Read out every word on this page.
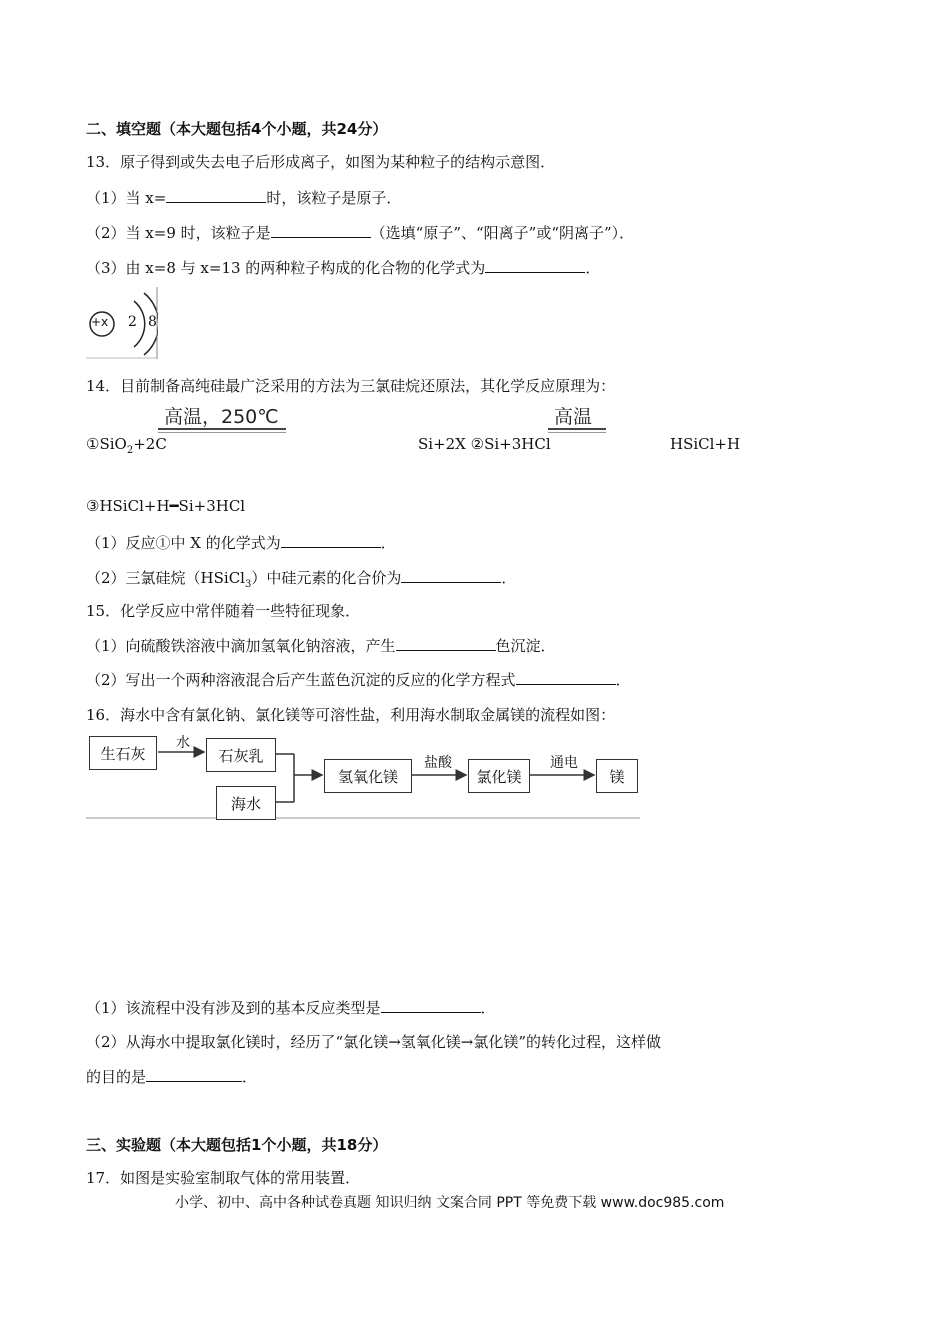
二、填空题（本大题包括4个小题，共24分）
13．原子得到或失去电子后形成离子，如图为某种粒子的结构示意图．
（1）当 x=	时，该粒子是原子．
（2）当 x=9 时，该粒子是	（选填“原子”、“阳离子”或“阴离子”）．
（3）由 x=8 与 x=13 的两种粒子构成的化合物的化学式为	．
+x 2 8
14．目前制备高纯硅最广泛采用的方法为三氯硅烷还原法，其化学反应原理为：
高温，250℃	高温
①SiO$_2$+2C	Si+2X ②Si+3HCl	HSiCl+H
③HSiCl+H━Si+3HCl
（1）反应①中 X 的化学式为	．
（2）三氯硅烷（HSiCl$_3$）中硅元素的化合价为	．
15．化学反应中常伴随着一些特征现象．
（1）向硫酸铁溶液中滴加氢氧化钠溶液，产生	色沉淀．
（2）写出一个两种溶液混合后产生蓝色沉淀的反应的化学方程式	．
16．海水中含有氯化钠、氯化镁等可溶性盐，利用海水制取金属镁的流程如图：
生石灰
水
石灰乳
海水
氢氧化镁
盐酸
氯化镁
通电
镁
（1）该流程中没有涉及到的基本反应类型是	．
（2）从海水中提取氯化镁时，经历了“氯化镁→氢氧化镁→氯化镁”的转化过程，这样做
的目的是	．
三、实验题（本大题包括1个小题，共18分）
17．如图是实验室制取气体的常用装置．
小学、初中、高中各种试卷真题 知识归纳 文案合同 PPT 等免费下载 www.doc985.com
